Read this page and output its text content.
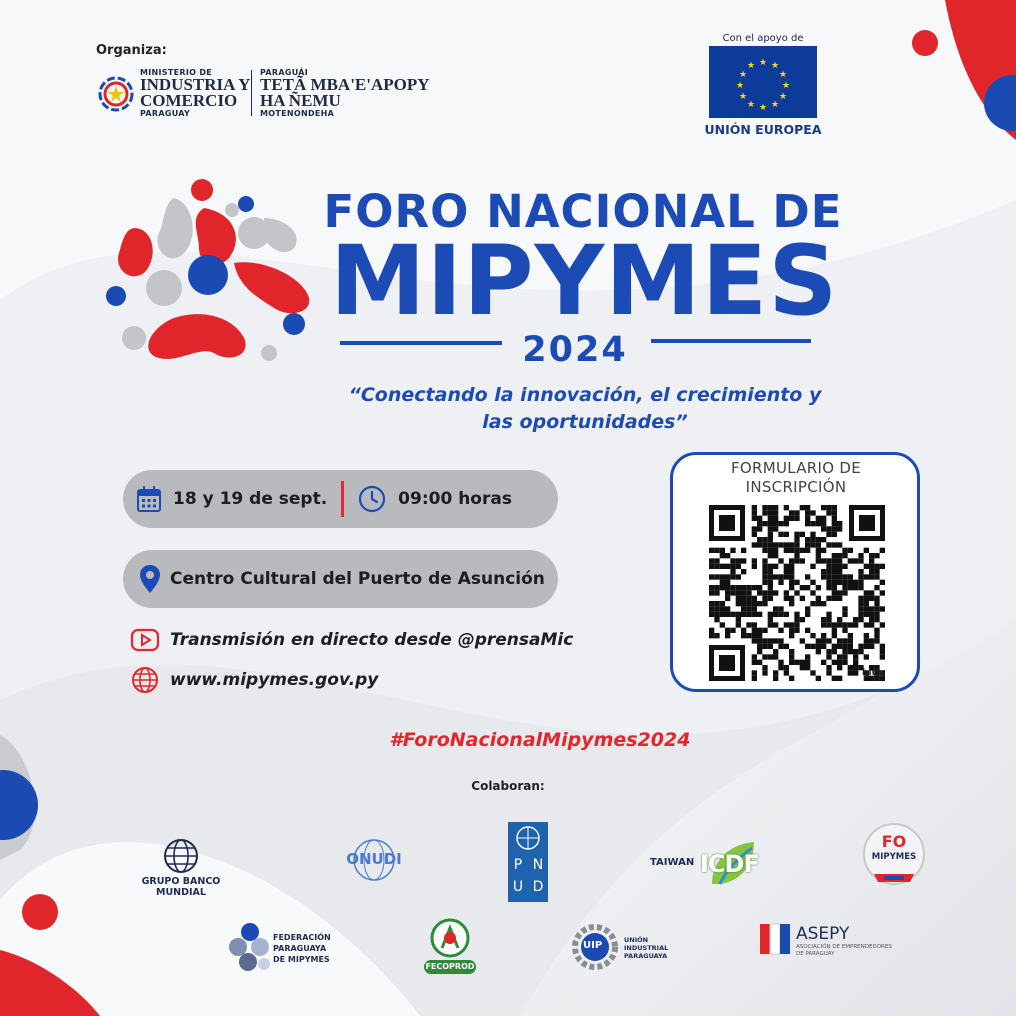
Organiza:
MINISTERIO DE
INDUSTRIA Y
COMERCIO
PARAGUAY
PARAGUÁI
TETÃ MBA'E'APOPY
HA ÑEMU
MOTENONDEHA
Con el apoyo de
★ ★
★
★
★
★
★
★
★
★
★
★
UNIÓN EUROPEA
FORO NACIONAL DE
MIPYMES
2024
“Conectando la innovación, el crecimiento y
las oportunidades”
18 y 19 de sept.	09:00 horas
Centro Cultural del Puerto de Asunción
Transmisión en directo desde @prensaMic
www.mipymes.gov.py
FORMULARIO DE
INSCRIPCIÓN
bitly
#ForoNacionalMipymes2024
Colaboran:
GRUPO BANCO MUNDIAL
ONUDI	P N
U D
TAIWAN ICDF
FO
MIPYMES
FEDERACIÓN
PARAGUAYA
DE MIPYMES
FECOPROD
UIP	UNIÓN
INDUSTRIAL
PARAGUAYA
ASEPY
ASOCIACIÓN DE EMPRENDEDORES
DE PARAGUAY
